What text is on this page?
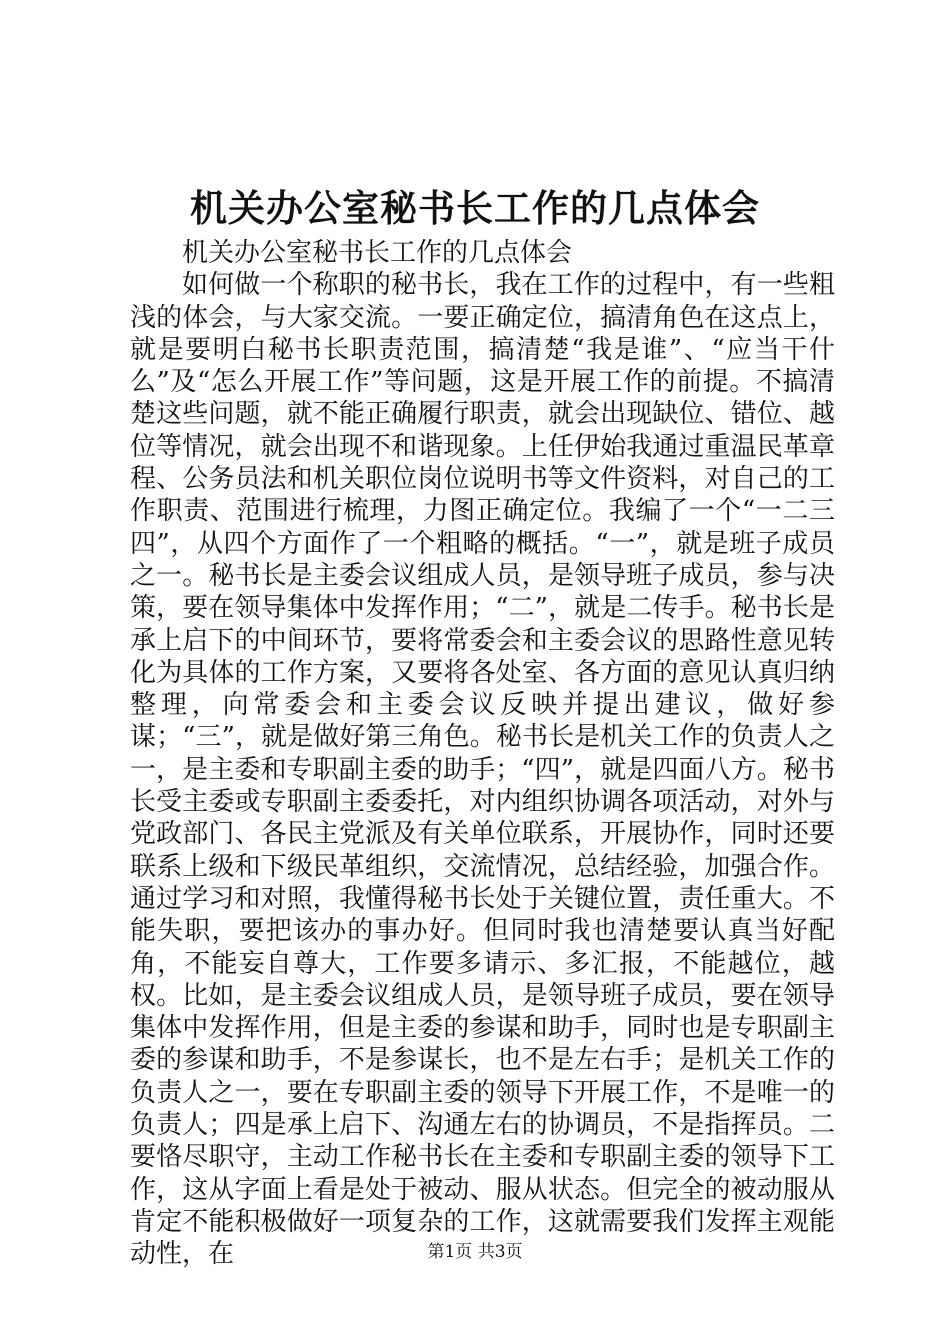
机关办公室秘书长工作的几点体会

机关办公室秘书长工作的几点体会

如何做一个称职的秘书长，我在工作的过程中，有一些粗浅的体会，与大家交流。一要正确定位，搞清角色在这点上，就是要明白秘书长职责范围，搞清楚“我是谁”、“应当干什么”及“怎么开展工作”等问题，这是开展工作的前提。不搞清楚这些问题，就不能正确履行职责，就会出现缺位、错位、越位等情况，就会出现不和谐现象。上任伊始我通过重温民革章程、公务员法和机关职位岗位说明书等文件资料，对自己的工作职责、范围进行梳理，力图正确定位。我编了一个“一二三四”，从四个方面作了一个粗略的概括。“一”，就是班子成员之一。秘书长是主委会议组成人员，是领导班子成员，参与决策，要在领导集体中发挥作用；“二”，就是二传手。秘书长是承上启下的中间环节，要将常委会和主委会议的思路性意见转化为具体的工作方案，又要将各处室、各方面的意见认真归纳整理，向常委会和主委会议反映并提出建议，做好参谋；“三”，就是做好第三角色。秘书长是机关工作的负责人之一，是主委和专职副主委的助手；“四”，就是四面八方。秘书长受主委或专职副主委委托，对内组织协调各项活动，对外与党政部门、各民主党派及有关单位联系，开展协作，同时还要联系上级和下级民革组织，交流情况，总结经验，加强合作。通过学习和对照，我懂得秘书长处于关键位置，责任重大。不能失职，要把该办的事办好。但同时我也清楚要认真当好配角，不能妄自尊大，工作要多请示、多汇报，不能越位，越权。比如，是主委会议组成人员，是领导班子成员，要在领导集体中发挥作用，但是主委的参谋和助手，同时也是专职副主委的参谋和助手，不是参谋长，也不是左右手；是机关工作的负责人之一，要在专职副主委的领导下开展工作，不是唯一的负责人；四是承上启下、沟通左右的协调员，不是指挥员。二要恪尽职守，主动工作秘书长在主委和专职副主委的领导下工作，这从字面上看是处于被动、服从状态。但完全的被动服从肯定不能积极做好一项复杂的工作，这就需要我们发挥主观能动性，在	第1页 共3页
